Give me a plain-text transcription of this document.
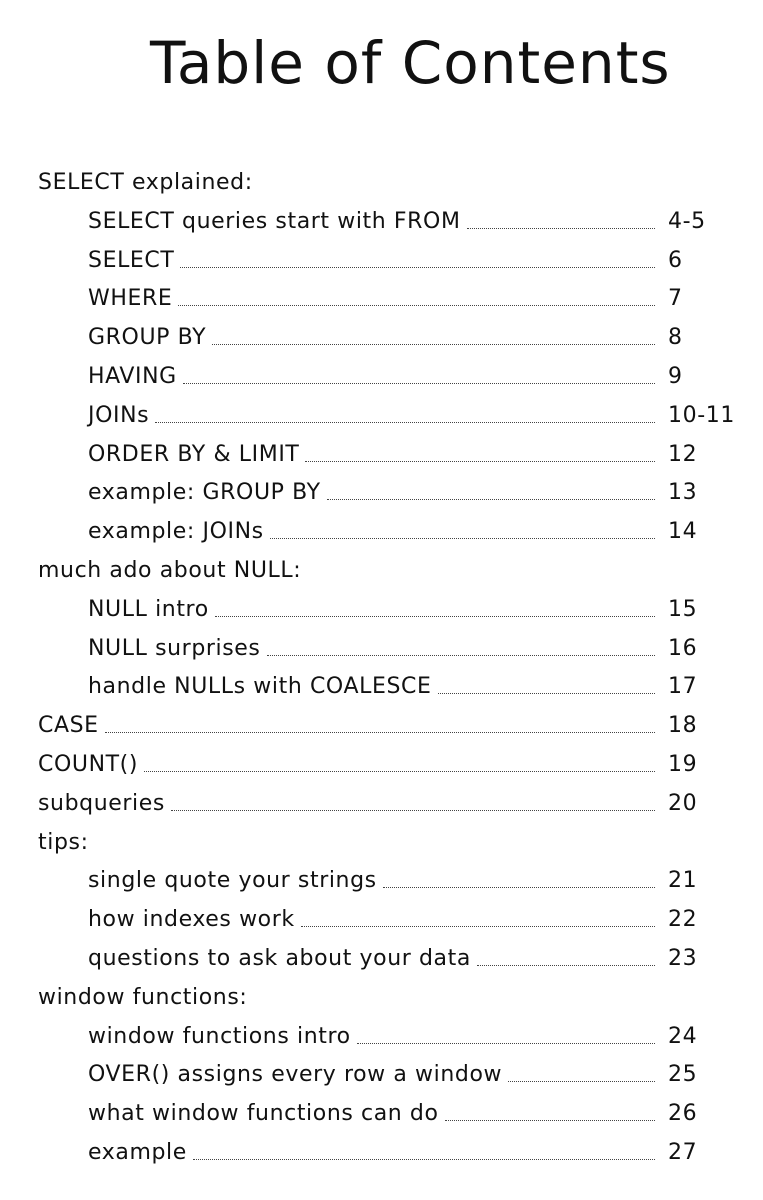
Table of Contents
SELECT explained:
SELECT queries start with FROM	4-5
SELECT	6
WHERE	7
GROUP BY	8
HAVING	9
JOINs	10-11
ORDER BY & LIMIT	12
example: GROUP BY	13
example: JOINs	14
much ado about NULL:
NULL intro	15
NULL surprises	16
handle NULLs with COALESCE	17
CASE	18
COUNT()	19
subqueries	20
tips:
single quote your strings	21
how indexes work	22
questions to ask about your data	23
window functions:
window functions intro	24
OVER() assigns every row a window	25
what window functions can do	26
example	27
